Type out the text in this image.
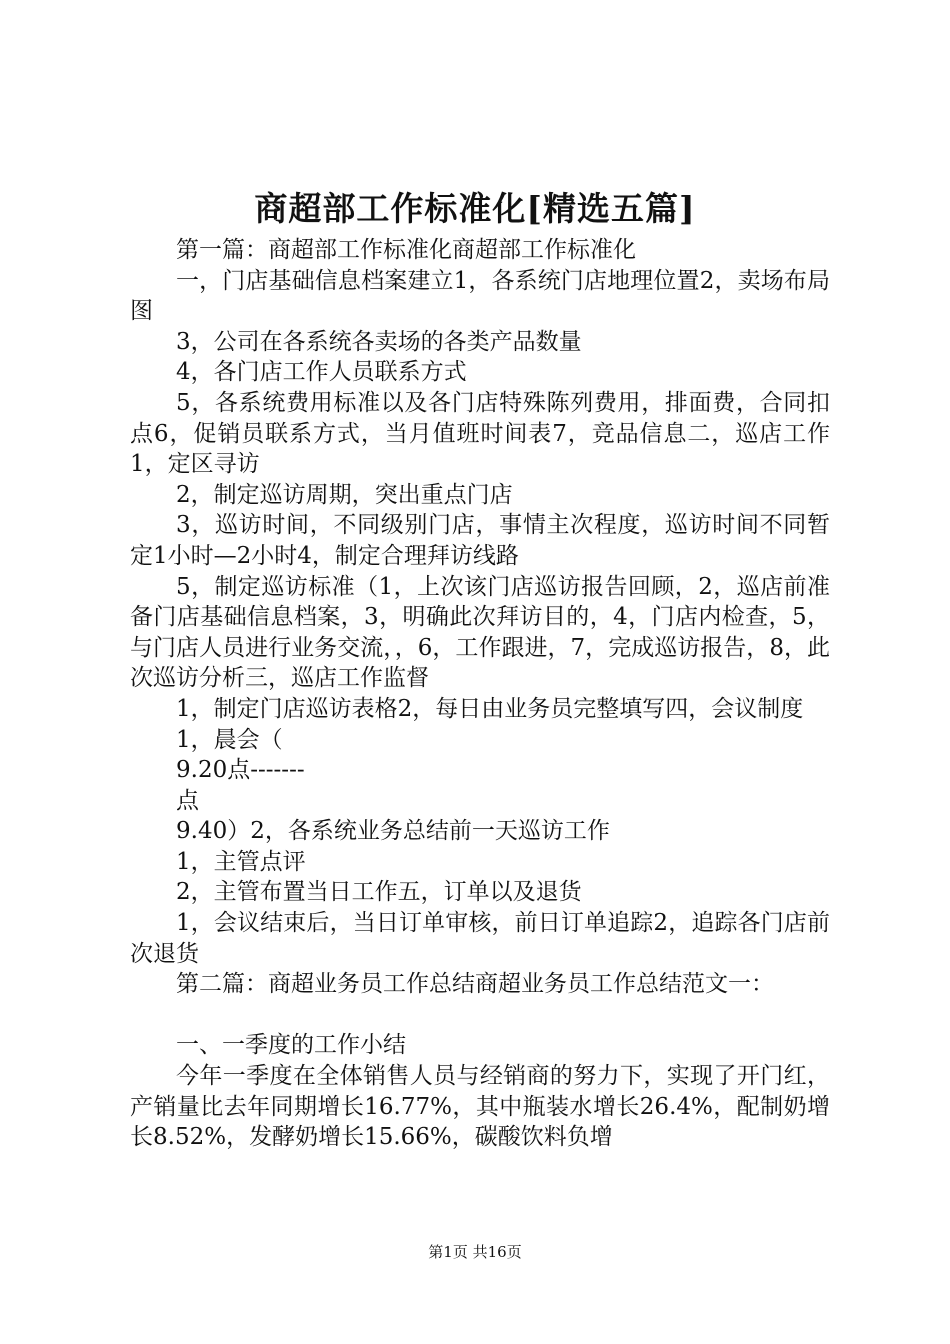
商超部工作标准化[精选五篇]

第一篇：商超部工作标准化商超部工作标准化

一，门店基础信息档案建立1，各系统门店地理位置2，卖场布局图

3，公司在各系统各卖场的各类产品数量

4，各门店工作人员联系方式

5，各系统费用标准以及各门店特殊陈列费用，排面费，合同扣点6，促销员联系方式，当月值班时间表7，竞品信息二，巡店工作1，定区寻访

2，制定巡访周期，突出重点门店

3，巡访时间，不同级别门店，事情主次程度，巡访时间不同暂定1小时—2小时4，制定合理拜访线路

5，制定巡访标准（1，上次该门店巡访报告回顾，2，巡店前准备门店基础信息档案，3，明确此次拜访目的，4，门店内检查，5，与门店人员进行业务交流，，6，工作跟进，7，完成巡访报告，8，此次巡访分析三，巡店工作监督

1，制定门店巡访表格2，每日由业务员完整填写四，会议制度

1，晨会（

9.20点-------

点

9.40）2，各系统业务总结前一天巡访工作

1，主管点评

2，主管布置当日工作五，订单以及退货

1，会议结束后，当日订单审核，前日订单追踪2，追踪各门店前次退货

第二篇：商超业务员工作总结商超业务员工作总结范文一：

一、一季度的工作小结

今年一季度在全体销售人员与经销商的努力下，实现了开门红，产销量比去年同期增长16.77%，其中瓶装水增长26.4%，配制奶增长8.52%，发酵奶增长15.66%，碳酸饮料负增

第1页 共16页
